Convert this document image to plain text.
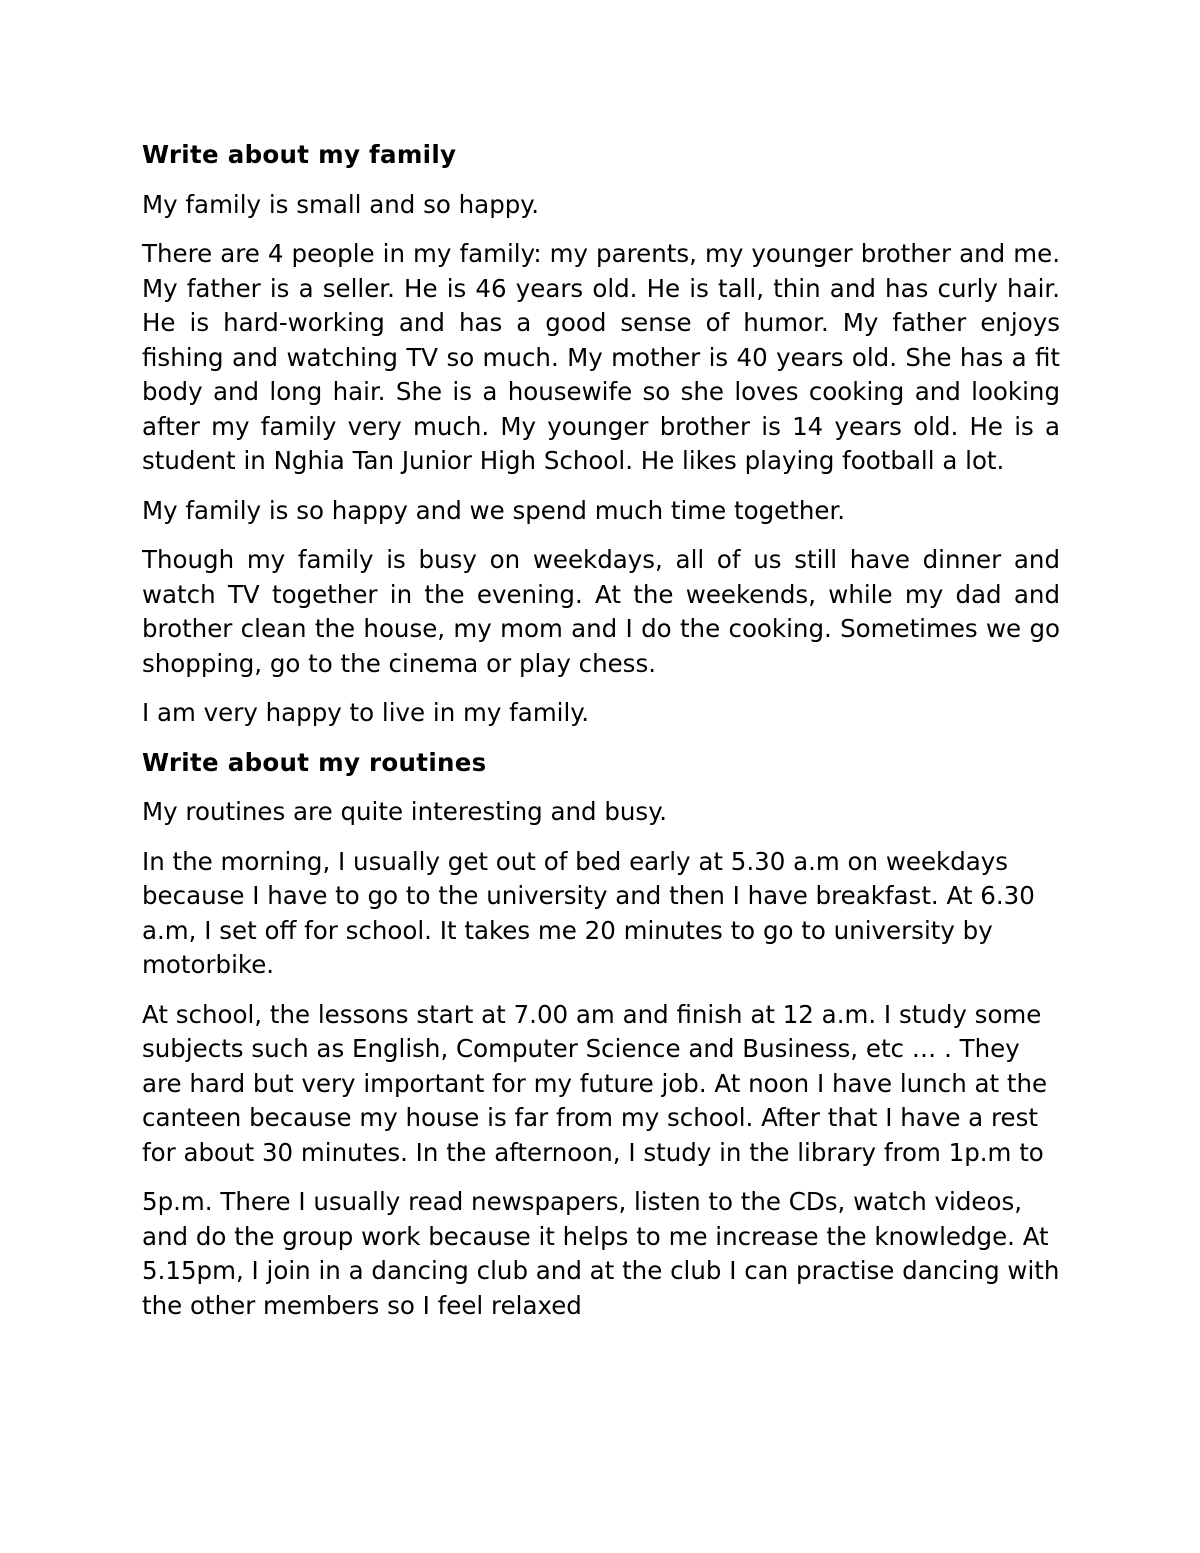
Write about my family
My family is small and so happy.
There are 4 people in my family: my parents, my younger brother and me. My father is a seller. He is 46 years old. He is tall, thin and has curly hair. He is hard-working and has a good sense of humor. My father enjoys fishing and watching TV so much. My mother is 40 years old. She has a fit body and long hair. She is a housewife so she loves cooking and looking after my family very much. My younger brother is 14 years old. He is a student in Nghia Tan Junior High School. He likes playing football a lot.
My family is so happy and we spend much time together.
Though my family is busy on weekdays, all of us still have dinner and watch TV together in the evening. At the weekends, while my dad and brother clean the house, my mom and I do the cooking. Sometimes we go shopping, go to the cinema or play chess.
I am very happy to live in my family.
Write about my routines
My routines are quite interesting and busy.
In the morning, I usually get out of bed early at 5.30 a.m on weekdays because I have to go to the university and then I have breakfast. At 6.30 a.m, I set off for school. It takes me 20 minutes to go to university by motorbike.
At school, the lessons start at 7.00 am and finish at 12 a.m. I study some subjects such as English, Computer Science and Business, etc … . They are hard but very important for my future job. At noon I have lunch at the canteen because my house is far from my school. After that I have a rest for about 30 minutes. In the afternoon, I study in the library from 1p.m to
5p.m. There I usually read newspapers, listen to the CDs, watch videos, and do the group work because it helps to me increase the knowledge. At 5.15pm, I join in a dancing club and at the club I can practise dancing with the other members so I feel relaxed
